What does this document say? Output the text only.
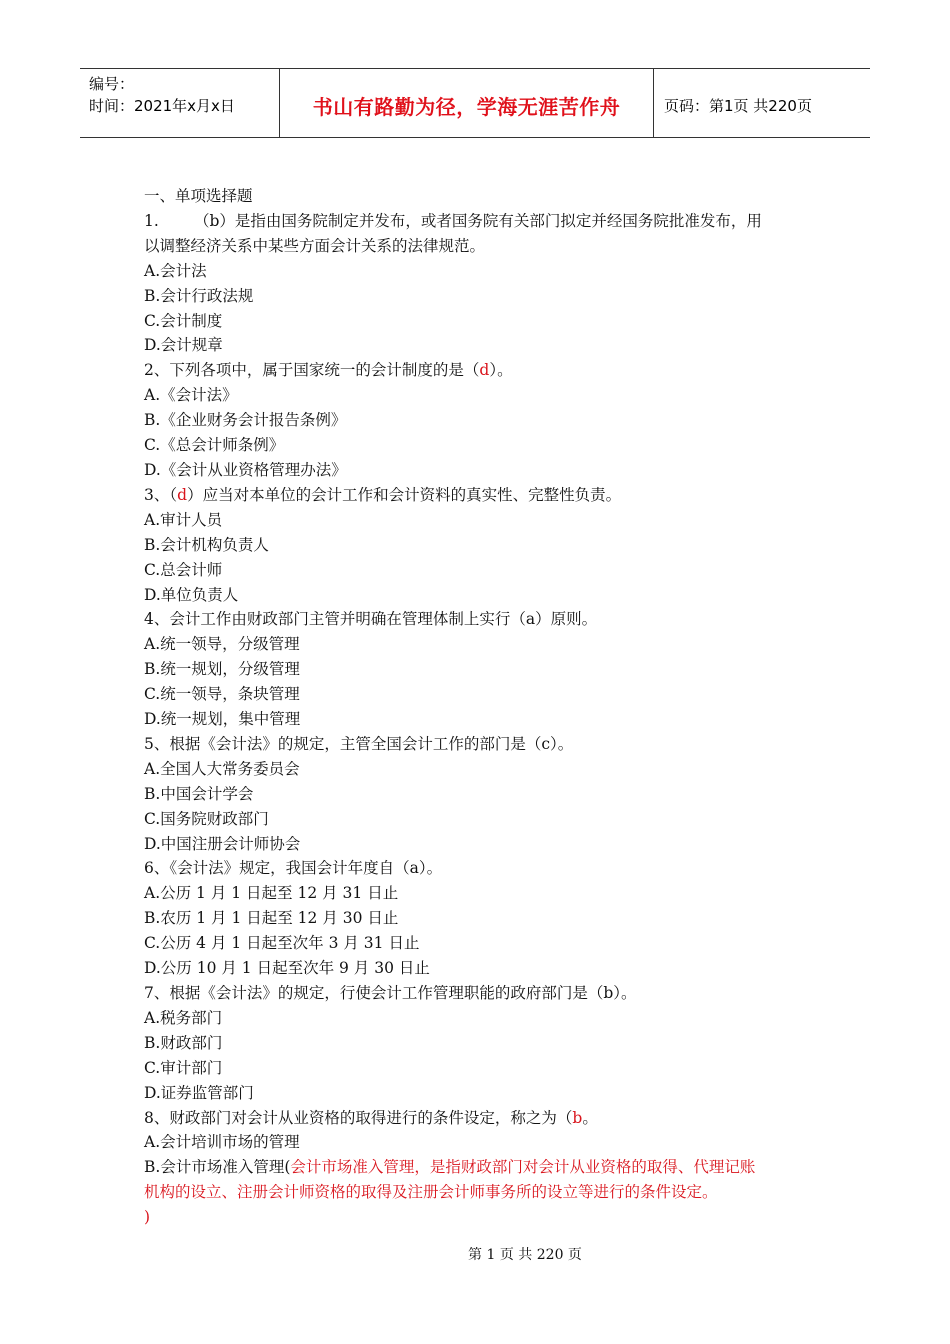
编号：
时间：2021年x月x日	书山有路勤为径，学海无涯苦作舟	页码：第1页 共220页
一、单项选择题
1. （b）是指由国务院制定并发布，或者国务院有关部门拟定并经国务院批准发布，用
以调整经济关系中某些方面会计关系的法律规范。
A.会计法
B.会计行政法规
C.会计制度
D.会计规章
2、下列各项中，属于国家统一的会计制度的是（d）。
A.《会计法》
B.《企业财务会计报告条例》
C.《总会计师条例》
D.《会计从业资格管理办法》
3、（d）应当对本单位的会计工作和会计资料的真实性、完整性负责。
A.审计人员
B.会计机构负责人
C.总会计师
D.单位负责人
4、会计工作由财政部门主管并明确在管理体制上实行（a）原则。
A.统一领导，分级管理
B.统一规划，分级管理
C.统一领导，条块管理
D.统一规划，集中管理
5、根据《会计法》的规定，主管全国会计工作的部门是（c）。
A.全国人大常务委员会
B.中国会计学会
C.国务院财政部门
D.中国注册会计师协会
6、《会计法》规定，我国会计年度自（a）。
A.公历 1 月 1 日起至 12 月 31 日止
B.农历 1 月 1 日起至 12 月 30 日止
C.公历 4 月 1 日起至次年 3 月 31 日止
D.公历 10 月 1 日起至次年 9 月 30 日止
7、根据《会计法》的规定，行使会计工作管理职能的政府部门是（b）。
A.税务部门
B.财政部门
C.审计部门
D.证券监管部门
8、财政部门对会计从业资格的取得进行的条件设定，称之为（b。
A.会计培训市场的管理
B.会计市场准入管理(会计市场准入管理，是指财政部门对会计从业资格的取得、代理记账
机构的设立、注册会计师资格的取得及注册会计师事务所的设立等进行的条件设定。
)
第 1 页 共 220 页
